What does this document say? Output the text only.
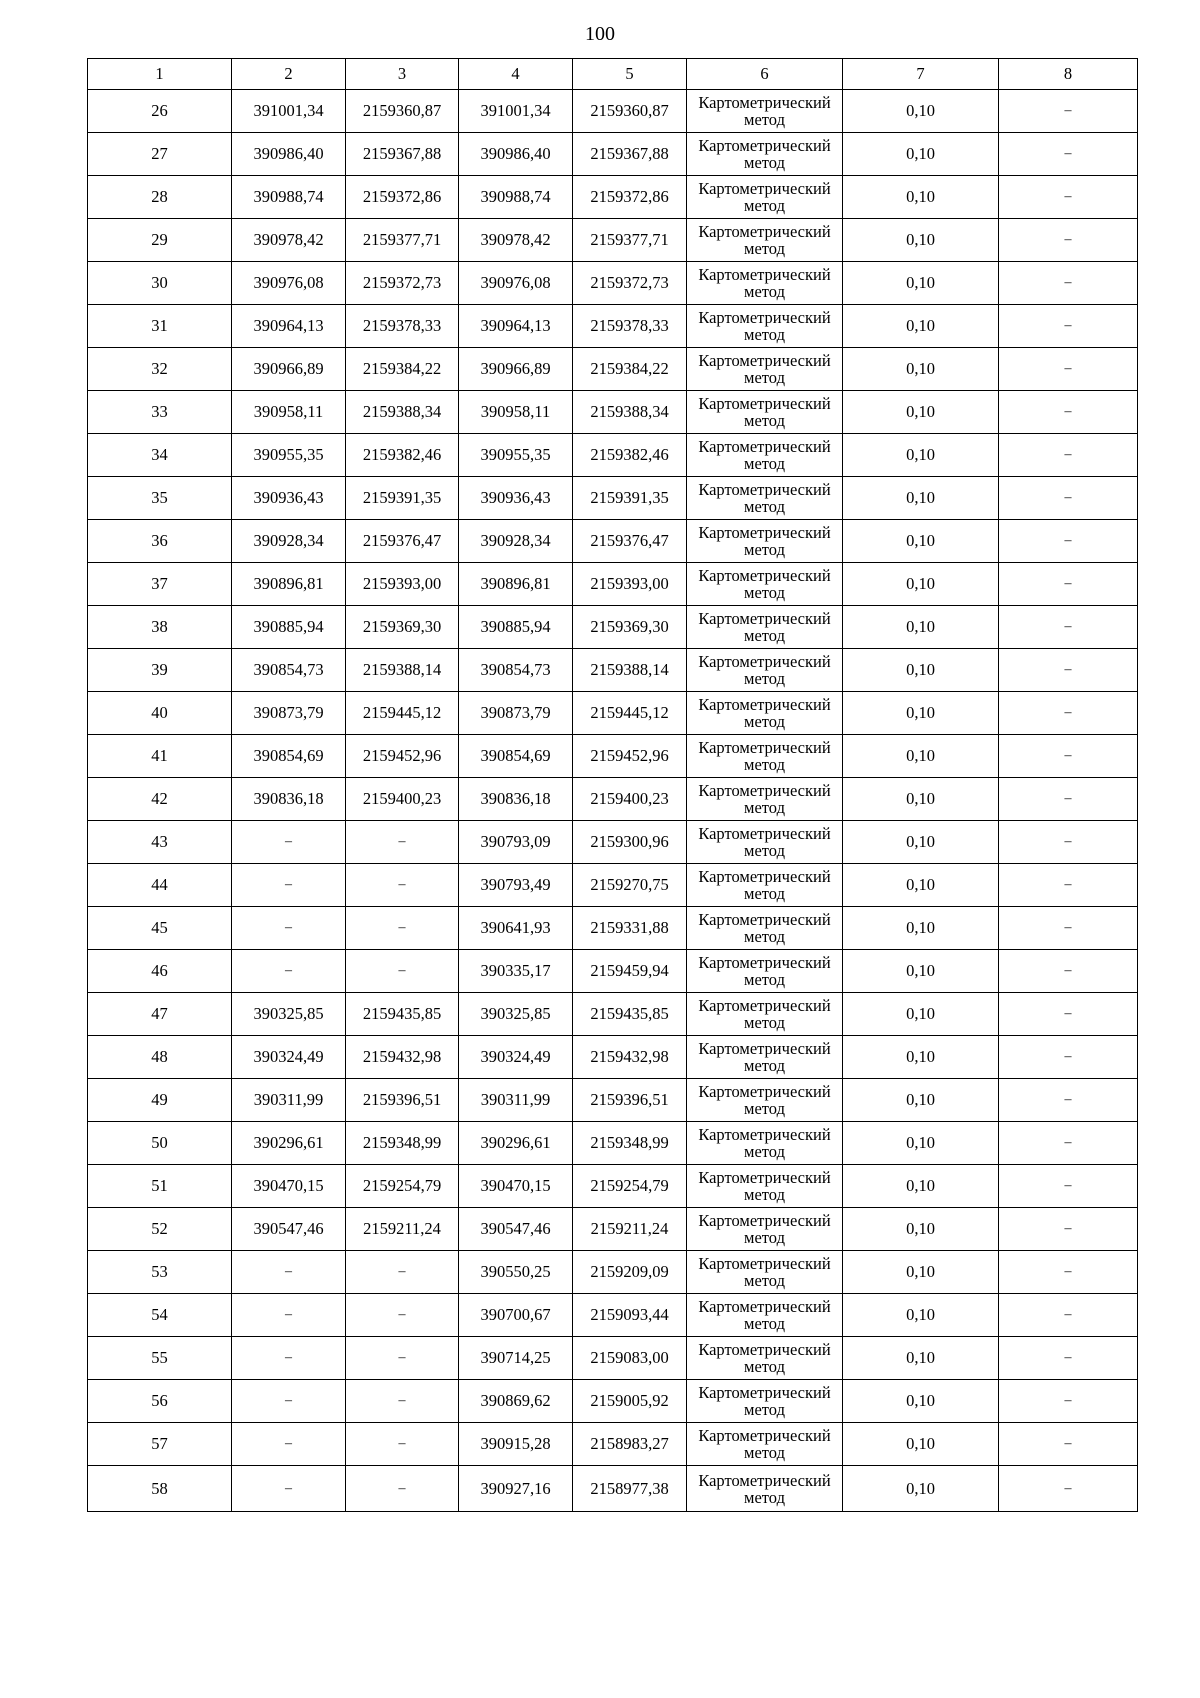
100
1	2	3	4	5	6	7	8
26	391001,34	2159360,87	391001,34	2159360,87	Картометрический метод	0,10	–
27	390986,40	2159367,88	390986,40	2159367,88	Картометрический метод	0,10	–
28	390988,74	2159372,86	390988,74	2159372,86	Картометрический метод	0,10	–
29	390978,42	2159377,71	390978,42	2159377,71	Картометрический метод	0,10	–
30	390976,08	2159372,73	390976,08	2159372,73	Картометрический метод	0,10	–
31	390964,13	2159378,33	390964,13	2159378,33	Картометрический метод	0,10	–
32	390966,89	2159384,22	390966,89	2159384,22	Картометрический метод	0,10	–
33	390958,11	2159388,34	390958,11	2159388,34	Картометрический метод	0,10	–
34	390955,35	2159382,46	390955,35	2159382,46	Картометрический метод	0,10	–
35	390936,43	2159391,35	390936,43	2159391,35	Картометрический метод	0,10	–
36	390928,34	2159376,47	390928,34	2159376,47	Картометрический метод	0,10	–
37	390896,81	2159393,00	390896,81	2159393,00	Картометрический метод	0,10	–
38	390885,94	2159369,30	390885,94	2159369,30	Картометрический метод	0,10	–
39	390854,73	2159388,14	390854,73	2159388,14	Картометрический метод	0,10	–
40	390873,79	2159445,12	390873,79	2159445,12	Картометрический метод	0,10	–
41	390854,69	2159452,96	390854,69	2159452,96	Картометрический метод	0,10	–
42	390836,18	2159400,23	390836,18	2159400,23	Картометрический метод	0,10	–
43	–	–	390793,09	2159300,96	Картометрический метод	0,10	–
44	–	–	390793,49	2159270,75	Картометрический метод	0,10	–
45	–	–	390641,93	2159331,88	Картометрический метод	0,10	–
46	–	–	390335,17	2159459,94	Картометрический метод	0,10	–
47	390325,85	2159435,85	390325,85	2159435,85	Картометрический метод	0,10	–
48	390324,49	2159432,98	390324,49	2159432,98	Картометрический метод	0,10	–
49	390311,99	2159396,51	390311,99	2159396,51	Картометрический метод	0,10	–
50	390296,61	2159348,99	390296,61	2159348,99	Картометрический метод	0,10	–
51	390470,15	2159254,79	390470,15	2159254,79	Картометрический метод	0,10	–
52	390547,46	2159211,24	390547,46	2159211,24	Картометрический метод	0,10	–
53	–	–	390550,25	2159209,09	Картометрический метод	0,10	–
54	–	–	390700,67	2159093,44	Картометрический метод	0,10	–
55	–	–	390714,25	2159083,00	Картометрический метод	0,10	–
56	–	–	390869,62	2159005,92	Картометрический метод	0,10	–
57	–	–	390915,28	2158983,27	Картометрический метод	0,10	–
58	–	–	390927,16	2158977,38	Картометрический метод	0,10	–
